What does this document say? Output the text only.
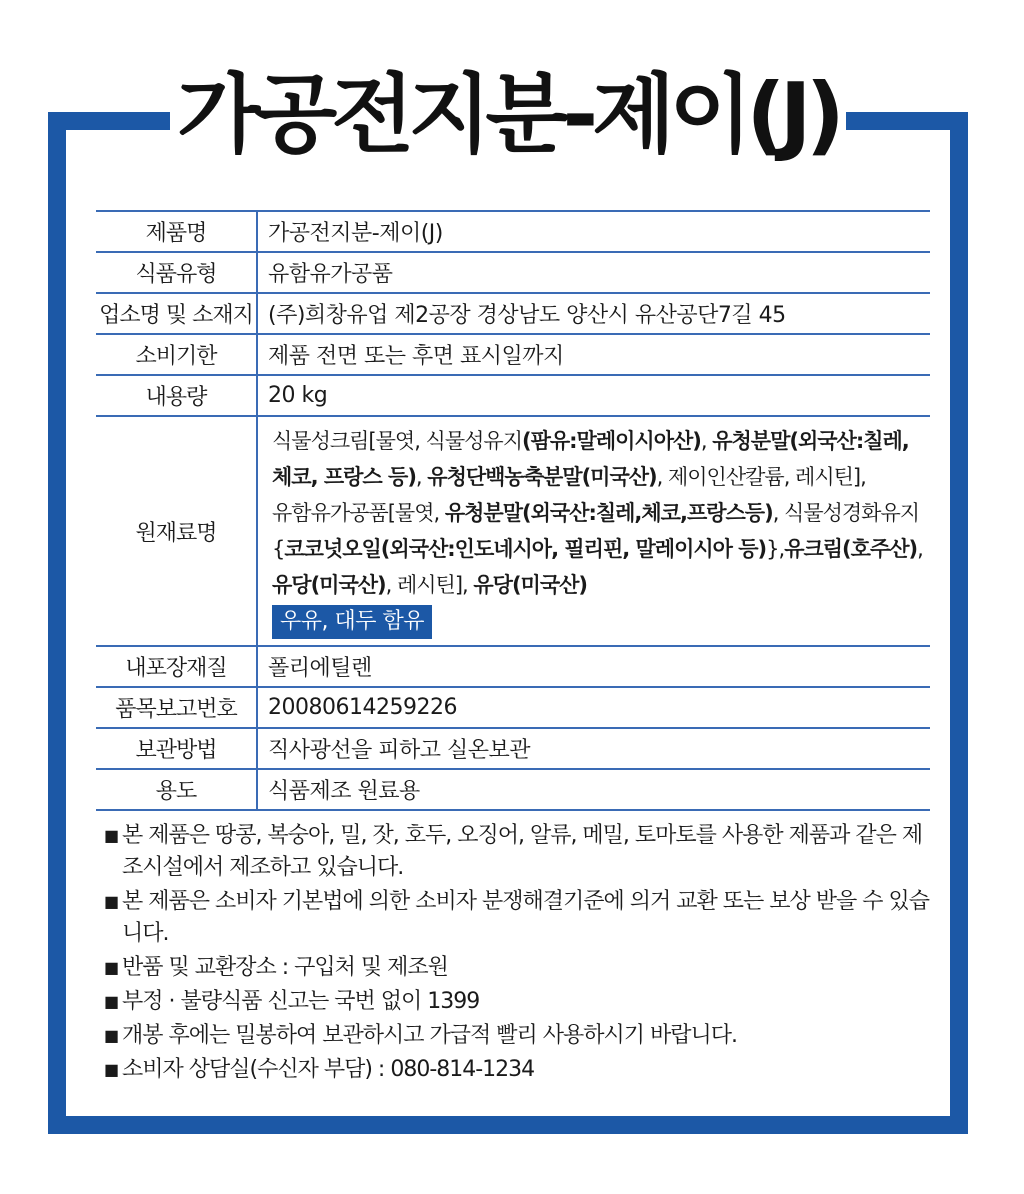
가공전지분-제이(J)
제품명	가공전지분-제이(J)
식품유형	유함유가공품
업소명 및 소재지	(주)희창유업 제2공장 경상남도 양산시 유산공단7길 45
소비기한	제품 전면 또는 후면 표시일까지
내용량	20 kg
원재료명	식물성크림[물엿, 식물성유지(팜유:말레이시아산), 유청분말(외국산:칠레, 체코, 프랑스 등), 유청단백농축분말(미국산), 제이인산칼륨, 레시틴], 유함유가공품[물엿, 유청분말(외국산:칠레,체코,프랑스등), 식물성경화유지{코코넛오일(외국산:인도네시아, 필리핀, 말레이시아 등)},유크림(호주산), 유당(미국산), 레시틴], 유당(미국산)
우유, 대두 함유
내포장재질	폴리에틸렌
품목보고번호	20080614259226
보관방법	직사광선을 피하고 실온보관
용도	식품제조 원료용
■ 본 제품은 땅콩, 복숭아, 밀, 잣, 호두, 오징어, 알류, 메밀, 토마토를 사용한 제품과 같은 제조시설에서 제조하고 있습니다.
■ 본 제품은 소비자 기본법에 의한 소비자 분쟁해결기준에 의거 교환 또는 보상 받을 수 있습니다.
■ 반품 및 교환장소 : 구입처 및 제조원
■ 부정 · 불량식품 신고는 국번 없이 1399
■ 개봉 후에는 밀봉하여 보관하시고 가급적 빨리 사용하시기 바랍니다.
■ 소비자 상담실(수신자 부담) : 080-814-1234
